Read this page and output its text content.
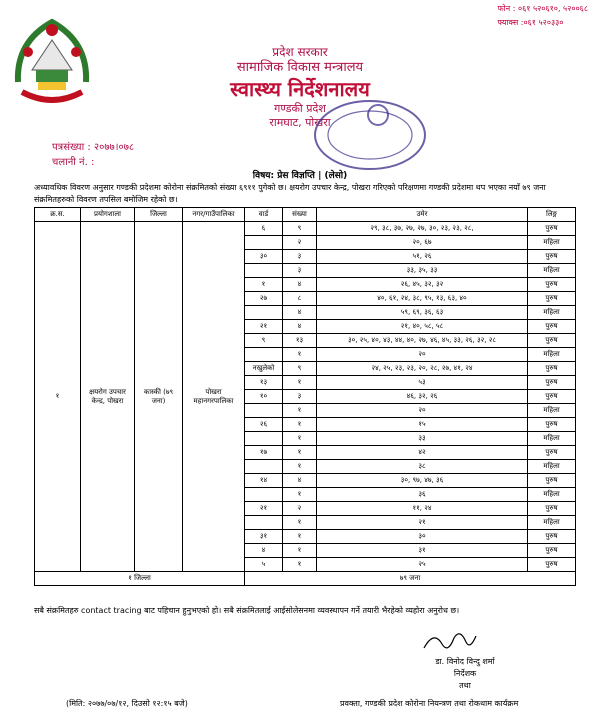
फोन : ०६१ ५२०६१०, ५२००६८
फ्याक्स :०६१ ५२०३३०
प्रदेश सरकार
सामाजिक विकास मन्त्रालय
स्वास्थ्य निर्देशनालय
गण्डकी प्रदेश
रामघाट, पोखरा
पत्रसंख्या : २०७७।०७८
चलानी नं. :
विषय: प्रेस विज्ञप्ति | (लेसो)
अध्यावधिक विवरण अनुसार गण्डकी प्रदेशमा कोरोना संक्रमितको संख्या ६९११ पुगेको छ। क्षयरोग उपचार केन्द्र, पोखरा गरिएको परिक्षणमा गण्डकी प्रदेशमा थप भएका नयाँ ७९ जना संक्रमितहरुको विवरण तपसिल बमोजिम रहेको छ।
क्र.स.	प्रयोगशाला	जिल्ला	नगर/गाउँपालिका	वार्ड	संख्या	उमेर	लिङ्ग
१	क्षयरोग उपचार केन्द्र, पोखरा	कास्की (७९ जना)	पोखरा महानगरपालिका	६	९	२९, ३८, ३७, २७, २७, ३०, २३, २३, २८,	पुरुष
					२	२०, ६७	महिला
				३०	३	५१, २६	पुरुष
					३	३३, ३५, ३३	महिला
				१	४	२६, ४५, ३२, ३२	पुरुष
				२७	८	४०, ६१, २४, ३८, ९५, १३, ६३, ४०	पुरुष
					४	५९, ६९, ३६, ६३	महिला
				२१	४	२१, ४०, ५८, ५८	पुरुष
				९	१३	३०, २५, ४०, ४३, ४४, ४०, २७, ४६, ४५, ३३, २६, ३२, २८	पुरुष
					१	२०	महिला
				नखुलेको	९	२४, २५, २३, २३, २०, २८, २७, ४१, २४	पुरुष
				१३	१	५३	पुरुष
				१०	३	४६, ३२, २६	पुरुष
					१	२०	महिला
				२६	१	१५	पुरुष
					१	३३	महिला
				१७	१	४२	पुरुष
					१	३८	महिला
				१४	४	३०, ९७, ४७, ३६	पुरुष
					१	३६	महिला
				२१	२	११, २४	पुरुष
					१	२१	महिला
				३१	१	३०	पुरुष
				४	१	३१	पुरुष
				५	१	२५	पुरुष
१ जिल्ला				७९ जना			
सबै संक्रमितहरु contact tracing बाट पहिचान हुनुभएको हो। सबै संक्रमितलाई आईसोलेसनमा व्यवस्थापन गर्ने तयारी भैरहेको व्यहोरा अनुरोध छ।
डा. विनोद विन्दु शर्मा
निर्देशक
तथा
(मिति: २०७७/०७/१२, दिउसो १२:१५ बजे)	प्रवक्ता, गण्डकी प्रदेश कोरोना नियन्त्रण तथा रोकथाम कार्यक्रम
